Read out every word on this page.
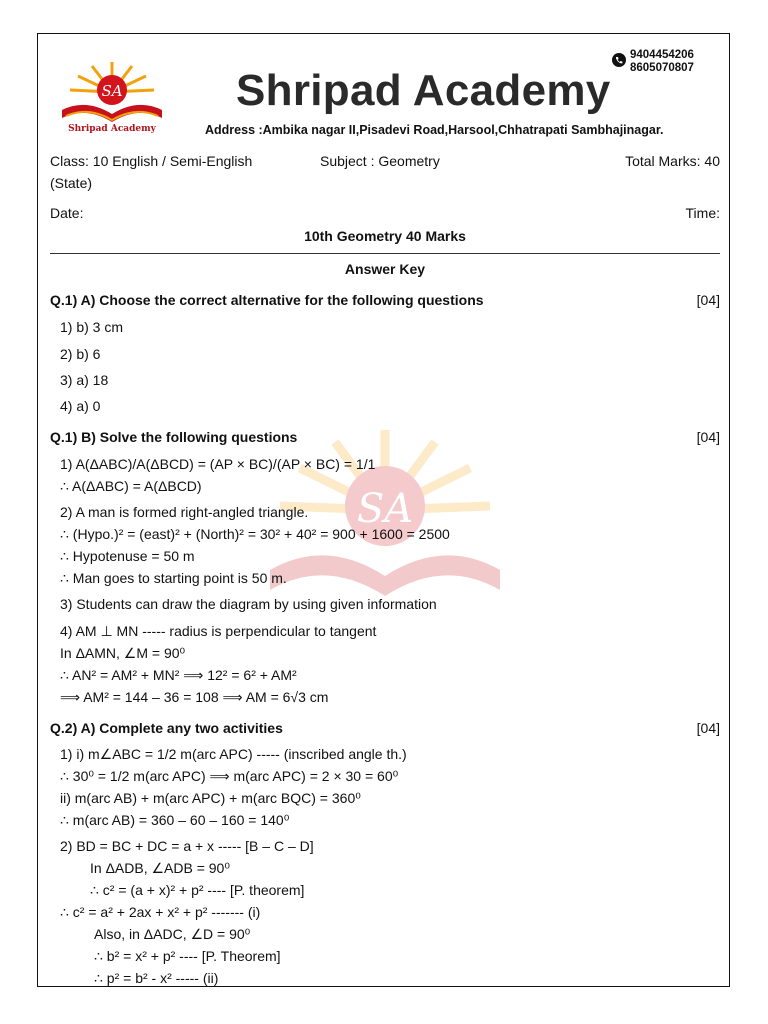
SA
Shripad Academy
Shripad Academy
9404454206
8605070807
Address :Ambika nagar II,Pisadevi Road,Harsool,Chhatrapati Sambhajinagar.
Class: 10 English / Semi-English
(State)
Subject : Geometry	Total Marks: 40
Date:	Time:
10th Geometry 40 Marks
Answer Key
SA
Q.1) A) Choose the correct alternative for the following questions	[04]
1) b) 3 cm
2) b) 6
3) a) 18
4) a) 0
Q.1) B) Solve the following questions	[04]
1) A(ΔABC)/A(ΔBCD) = (AP × BC)/(AP × BC) = 1/1
∴ A(ΔABC) = A(ΔBCD)
2) A man is formed right-angled triangle.
∴ (Hypo.)² = (east)² + (North)² = 30² + 40² = 900 + 1600 = 2500
∴ Hypotenuse = 50 m
∴ Man goes to starting point is 50 m.
3) Students can draw the diagram by using given information
4) AM ⊥ MN ----- radius is perpendicular to tangent
In ΔAMN, ∠M = 90⁰
∴ AN² = AM² + MN² ⟹ 12² = 6² + AM²
⟹ AM² = 144 – 36 = 108 ⟹ AM = 6√3 cm
Q.2) A) Complete any two activities	[04]
1) i) m∠ABC = 1/2 m(arc APC) ----- (inscribed angle th.)
∴ 30⁰ = 1/2 m(arc APC) ⟹ m(arc APC) = 2 × 30 = 60⁰
ii) m(arc AB) + m(arc APC) + m(arc BQC) = 360⁰
∴ m(arc AB) = 360 – 60 – 160 = 140⁰
2) BD = BC + DC = a + x ----- [B – C – D]
In ΔADB, ∠ADB = 90⁰
∴ c² = (a + x)² + p² ---- [P. theorem]
∴ c² = a² + 2ax + x² + p² ------- (i)
Also, in ΔADC, ∠D = 90⁰
∴ b² = x² + p² ---- [P. Theorem]
∴ p² = b² - x² ----- (ii)
